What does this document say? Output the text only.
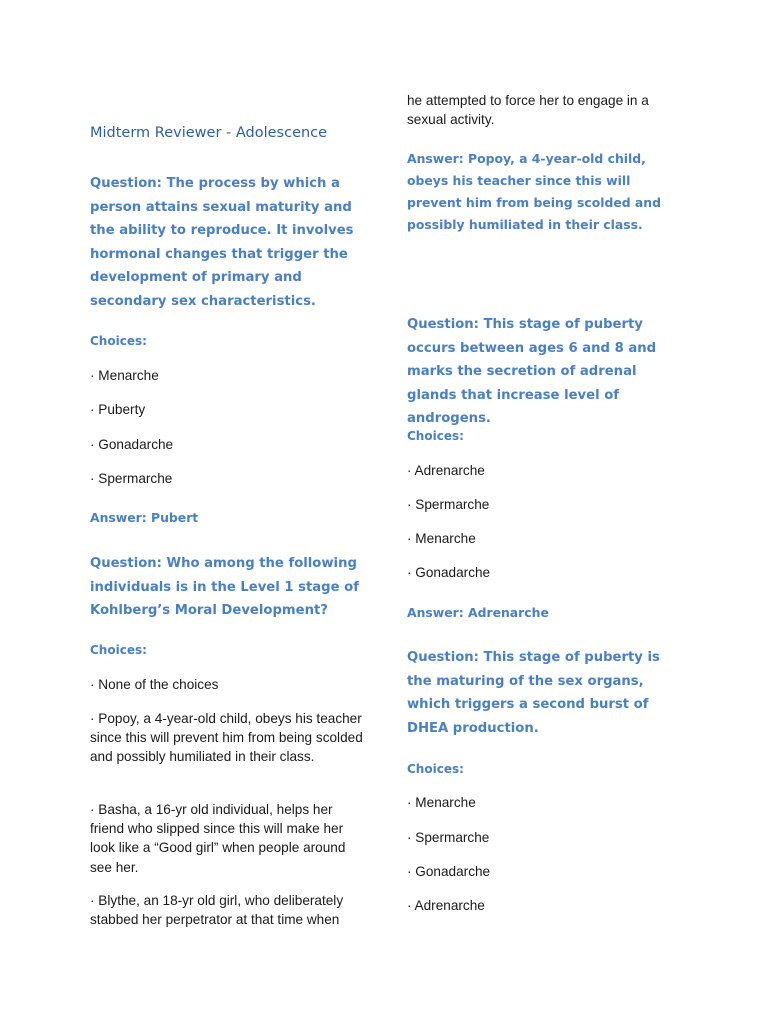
Midterm Reviewer - Adolescence

Question: The process by which a person attains sexual maturity and the ability to reproduce. It involves hormonal changes that trigger the development of primary and secondary sex characteristics.

Choices:

· Menarche

· Puberty

· Gonadarche

· Spermarche

Answer: Pubert

Question: Who among the following individuals is in the Level 1 stage of Kohlberg’s Moral Development?

Choices:

· None of the choices

· Popoy, a 4-year-old child, obeys his teacher since this will prevent him from being scolded and possibly humiliated in their class.

· Basha, a 16-yr old individual, helps her friend who slipped since this will make her look like a “Good girl” when people around see her.

· Blythe, an 18-yr old girl, who deliberately stabbed her perpetrator at that time when

he attempted to force her to engage in a sexual activity.

Answer: Popoy, a 4-year-old child, obeys his teacher since this will prevent him from being scolded and possibly humiliated in their class.

Question: This stage of puberty occurs between ages 6 and 8 and marks the secretion of adrenal glands that increase level of androgens.

Choices:

· Adrenarche

· Spermarche

· Menarche

· Gonadarche

Answer: Adrenarche

Question: This stage of puberty is the maturing of the sex organs, which triggers a second burst of DHEA production.

Choices:

· Menarche

· Spermarche

· Gonadarche

· Adrenarche
